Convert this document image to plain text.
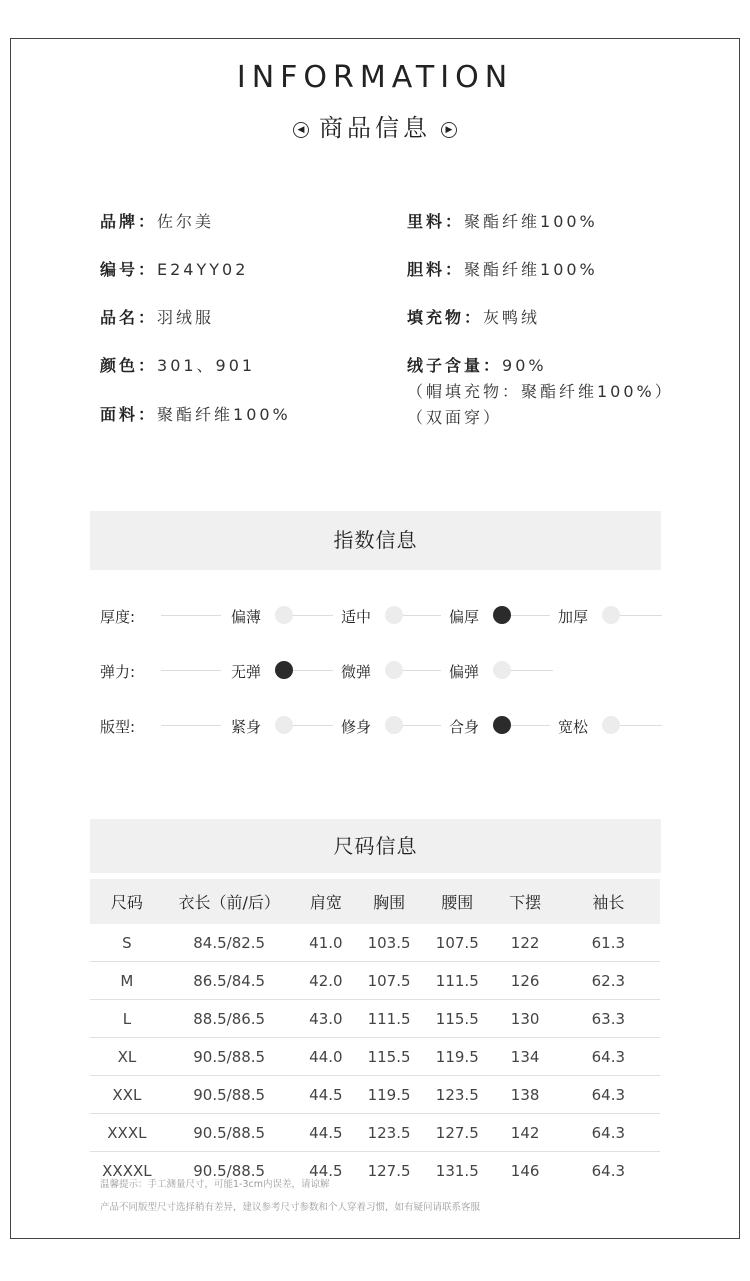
INFORMATION
◀ 商品信息 ▶
品牌：佐尔美
编号：E24YY02
品名：羽绒服
颜色：301、901
面料：聚酯纤维100%
里料：聚酯纤维100%
胆料：聚酯纤维100%
填充物：灰鸭绒
绒子含量：90%
（帽填充物：聚酯纤维100%）
（双面穿）
指数信息
厚度:	偏薄	适中	偏厚	加厚
弹力:	无弹	微弹	偏弹
版型:	紧身	修身	合身	宽松
尺码信息
尺码	衣长（前/后）	肩宽	胸围	腰围	下摆	袖长
S	84.5/82.5	41.0	103.5	107.5	122	61.3
M	86.5/84.5	42.0	107.5	111.5	126	62.3
L	88.5/86.5	43.0	111.5	115.5	130	63.3
XL	90.5/88.5	44.0	115.5	119.5	134	64.3
XXL	90.5/88.5	44.5	119.5	123.5	138	64.3
XXXL	90.5/88.5	44.5	123.5	127.5	142	64.3
XXXXL	90.5/88.5	44.5	127.5	131.5	146	64.3
温馨提示：手工测量尺寸，可能1-3cm内误差，请谅解
产品不同版型尺寸选择稍有差异，建议参考尺寸参数和个人穿着习惯，如有疑问请联系客服
